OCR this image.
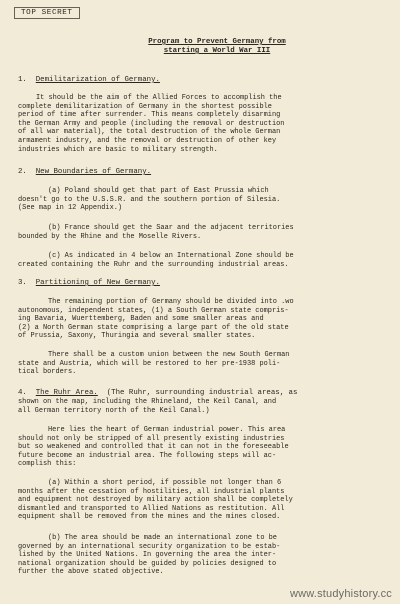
TOP SECRET
Program to Prevent Germany from
starting a World War III
1. Demilitarization of Germany.
It should be the aim of the Allied Forces to accomplish the
complete demilitarization of Germany in the shortest possible
period of time after surrender. This means completely disarming
the German Army and people (including the removal or destruction
of all war material), the total destruction of the whole German
armament industry, and the removal or destruction of other key
industries which are basic to military strength.
2. New Boundaries of Germany.
(a) Poland should get that part of East Prussia which
doesn't go to the U.S.S.R. and the southern portion of Silesia.
(See map in 12 Appendix.)
(b) France should get the Saar and the adjacent territories
bounded by the Rhine and the Moselle Rivers.
(c) As indicated in 4 below an International Zone should be
created containing the Ruhr and the surrounding industrial areas.
3. Partitioning of New Germany.
The remaining portion of Germany should be divided into .wo
autonomous, independent states, (1) a South German state compris-
ing Bavaria, Wuerttemberg, Baden and some smaller areas and
(2) a North German state comprising a large part of the old state
of Prussia, Saxony, Thuringia and several smaller states.
There shall be a custom union between the new South German
state and Austria, which will be restored to her pre-1938 poli-
tical borders.
4. The Ruhr Area. (The Ruhr, surrounding industrial areas, as
shown on the map, including the Rhineland, the Keil Canal, and
all German territory north of the Keil Canal.)
Here lies the heart of German industrial power. This area
should not only be stripped of all presently existing industries
but so weakened and controlled that it can not in the foreseeable
future become an industrial area. The following steps will ac-
complish this:
(a) Within a short period, if possible not longer than 6
months after the cessation of hostilities, all industrial plants
and equipment not destroyed by military action shall be completely
dismantled and transported to Allied Nations as restitution. All
equipment shall be removed from the mines and the mines closed.
(b) The area should be made an international zone to be
governed by an international security organization to be estab-
lished by the United Nations. In governing the area the inter-
national organization should be guided by policies designed to
further the above stated objective.
www.studyhistory.cc
